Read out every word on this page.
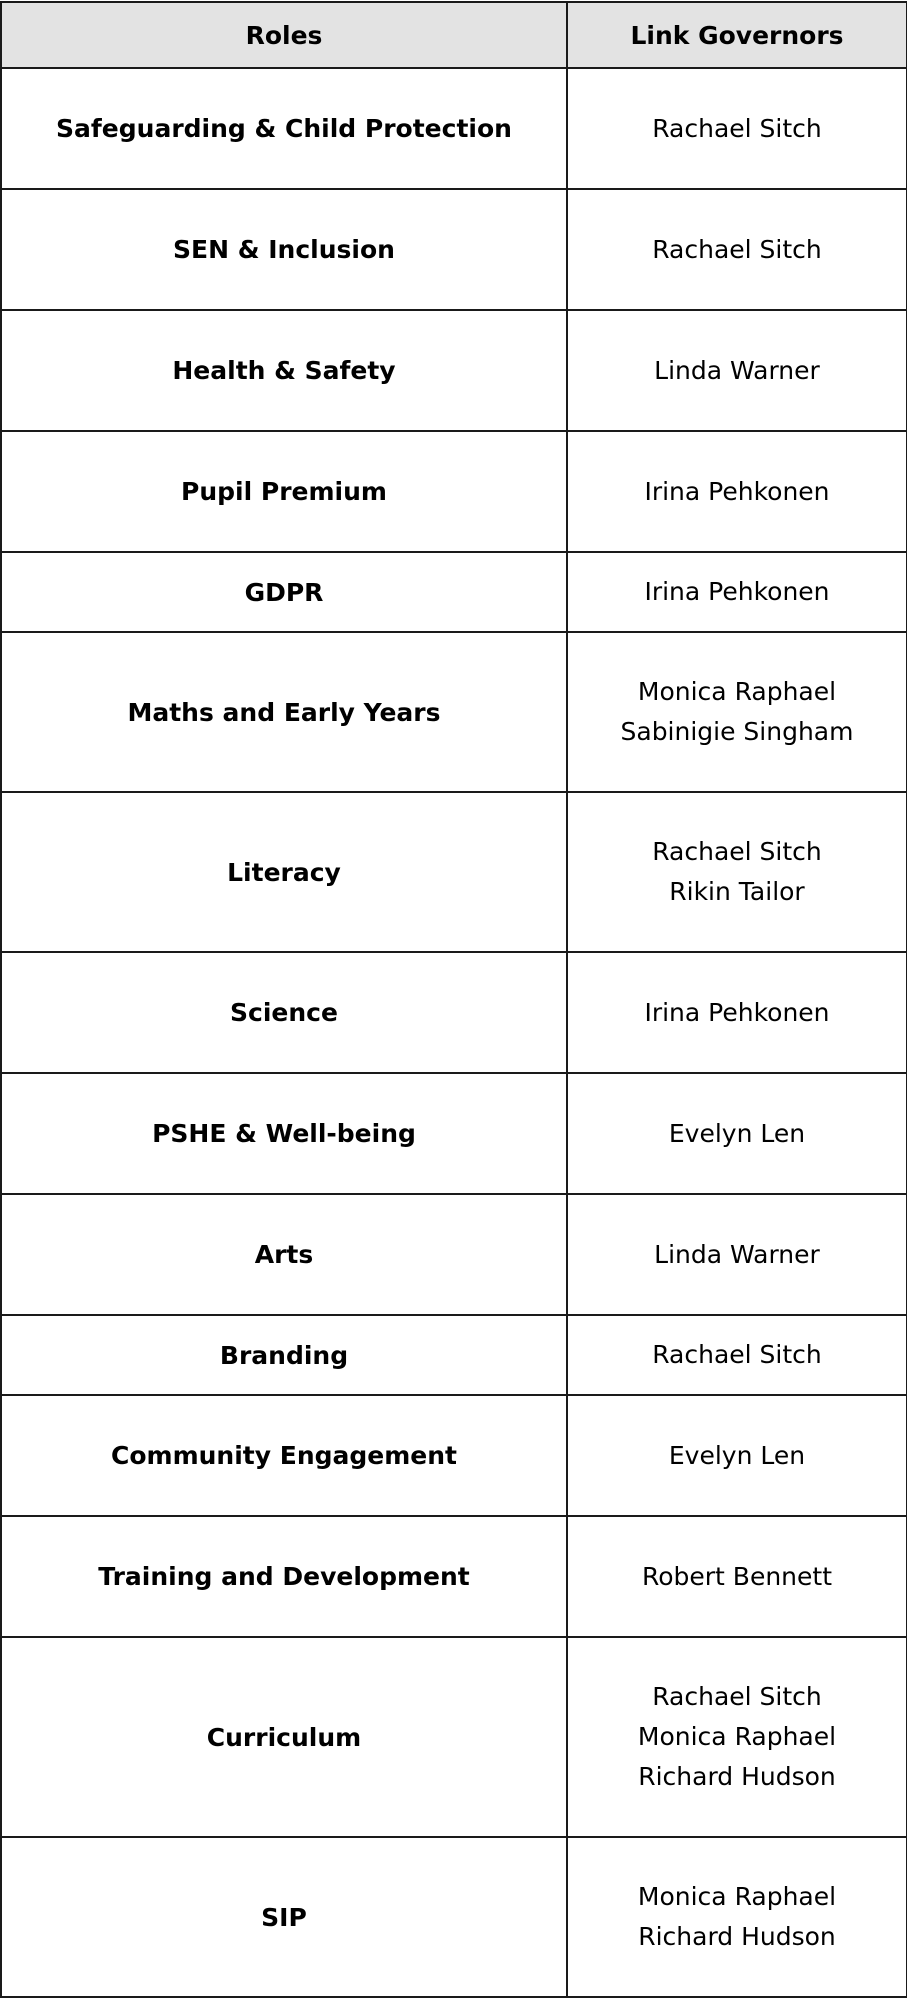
Roles	Link Governors
Safeguarding & Child Protection	Rachael Sitch

SEN & Inclusion	Rachael Sitch

Health & Safety	Linda Warner

Pupil Premium	Irina Pehkonen

GDPR	Irina Pehkonen

Maths and Early Years	Monica Raphael
Sabinigie Singham

Literacy	Rachael Sitch
Rikin Tailor

Science	Irina Pehkonen

PSHE & Well-being	Evelyn Len

Arts	Linda Warner

Branding	Rachael Sitch

Community Engagement	Evelyn Len

Training and Development	Robert Bennett

Curriculum	Rachael Sitch
Monica Raphael
Richard Hudson

SIP	Monica Raphael
Richard Hudson
